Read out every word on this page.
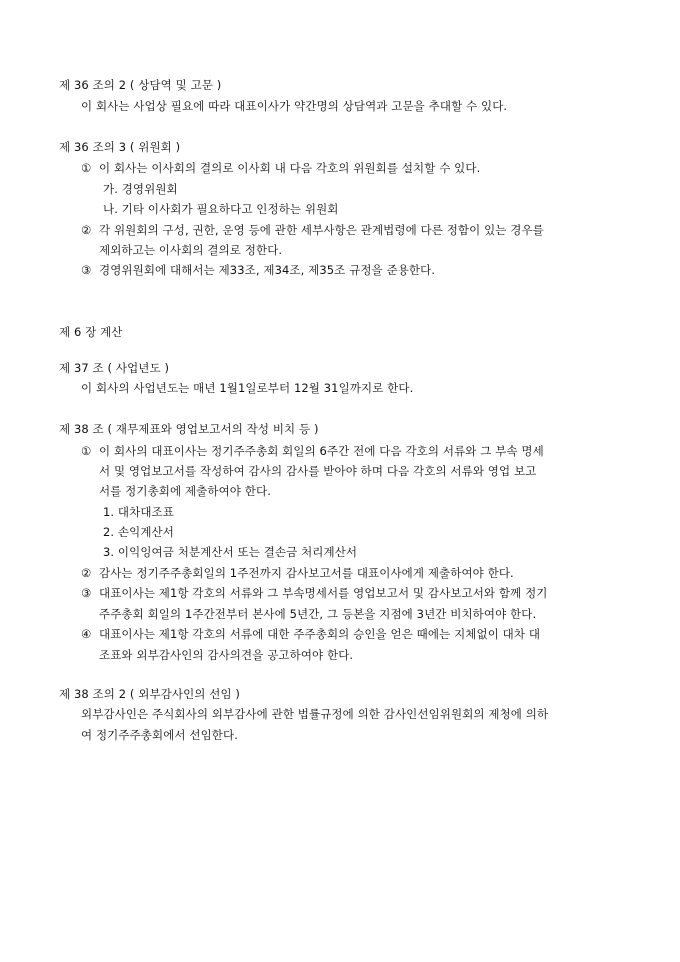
제 36 조의 2 ( 상담역 및 고문 )
이 회사는 사업상 필요에 따라 대표이사가 약간명의 상담역과 고문을 추대할 수 있다.
제 36 조의 3 ( 위원회 )
① 이 회사는 이사회의 결의로 이사회 내 다음 각호의 위원회를 설치할 수 있다.
가. 경영위원회
나. 기타 이사회가 필요하다고 인정하는 위원회
② 각 위원회의 구성, 권한, 운영 등에 관한 세부사항은 관계법령에 다른 정함이 있는 경우를
제외하고는 이사회의 결의로 정한다.
③ 경영위원회에 대해서는 제33조, 제34조, 제35조 규정을 준용한다.
제 6 장 계산
제 37 조 ( 사업년도 )
이 회사의 사업년도는 매년 1월1일로부터 12월 31일까지로 한다.
제 38 조 ( 재무제표와 영업보고서의 작성 비치 등 )
① 이 회사의 대표이사는 정기주주총회 회일의 6주간 전에 다음 각호의 서류와 그 부속 명세
서 및 영업보고서를 작성하여 감사의 감사를 받아야 하며 다음 각호의 서류와 영업 보고
서를 정기총회에 제출하여야 한다.
1. 대차대조표
2. 손익계산서
3. 이익잉여금 처분계산서 또는 결손금 처리계산서
② 감사는 정기주주총회일의 1주전까지 감사보고서를 대표이사에게 제출하여야 한다.
③ 대표이사는 제1항 각호의 서류와 그 부속명세서를 영업보고서 및 감사보고서와 함께 정기
주주총회 회일의 1주간전부터 본사에 5년간, 그 등본을 지점에 3년간 비치하여야 한다.
④ 대표이사는 제1항 각호의 서류에 대한 주주총회의 승인을 얻은 때에는 지체없이 대차 대
조표와 외부감사인의 감사의견을 공고하여야 한다.
제 38 조의 2 ( 외부감사인의 선임 )
외부감사인은 주식회사의 외부감사에 관한 법률규정에 의한 감사인선임위원회의 제청에 의하
여 정기주주총회에서 선임한다.
